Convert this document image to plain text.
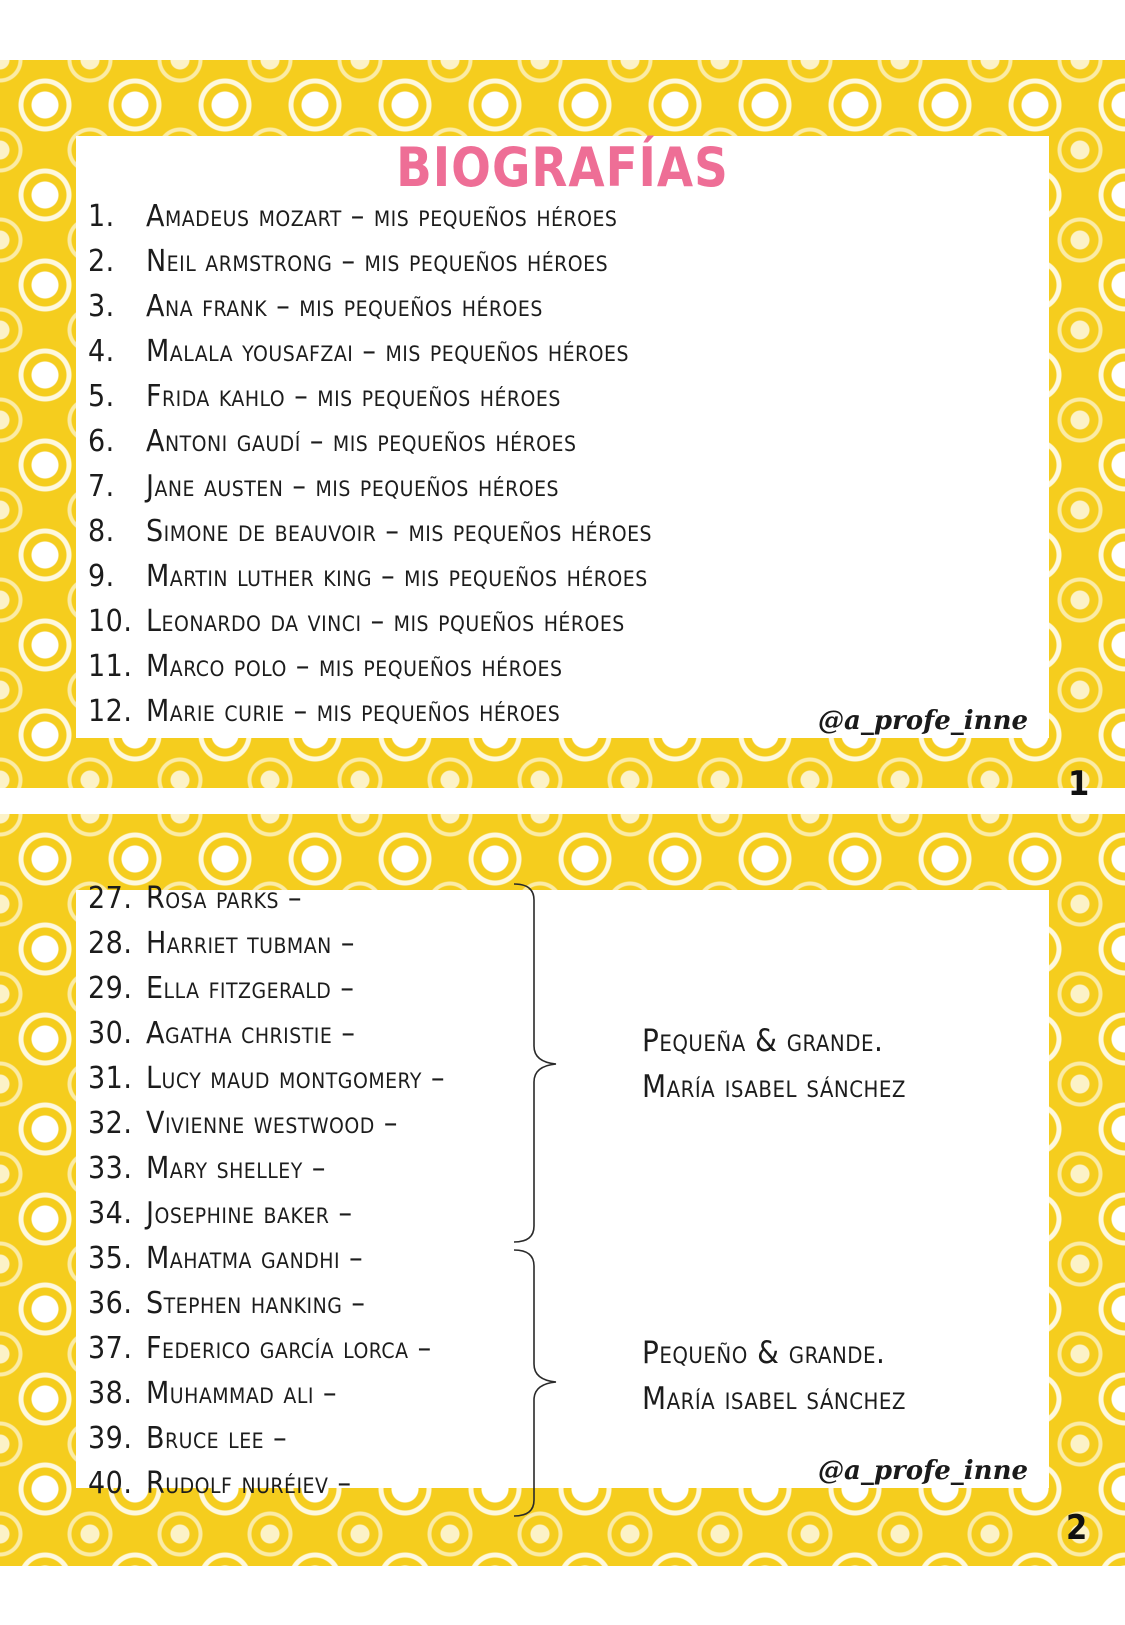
BIOGRAFÍAS
1.	Amadeus mozart – mis pequeños héroes
2.	Neil armstrong – mis pequeños héroes
3.	Ana frank – mis pequeños héroes
4.	Malala yousafzai – mis pequeños héroes
5.	Frida kahlo – mis pequeños héroes
6.	Antoni gaudí – mis pequeños héroes
7.	Jane austen – mis pequeños héroes
8.	Simone de beauvoir – mis pequeños héroes
9.	Martin luther king – mis pequeños héroes
10. Leonardo da vinci – mis pqueños héroes
11. Marco polo – mis pequeños héroes
12. Marie curie – mis pequeños héroes	@a_profe_inne
1
27. Rosa parks –
28. Harriet tubman –
29. Ella fitzgerald –
30. Agatha christie –
31. Lucy maud montgomery –
32. Vivienne westwood –
33. Mary shelley –
34. Josephine baker –
35. Mahatma gandhi –
36. Stephen hanking –
37. Federico garcía lorca –
38. Muhammad ali –
39. Bruce lee –
40. Rudolf nuréiev –
Pequeña & grande.
María isabel sánchez
Pequeño & grande.
María isabel sánchez
@a_profe_inne
2
